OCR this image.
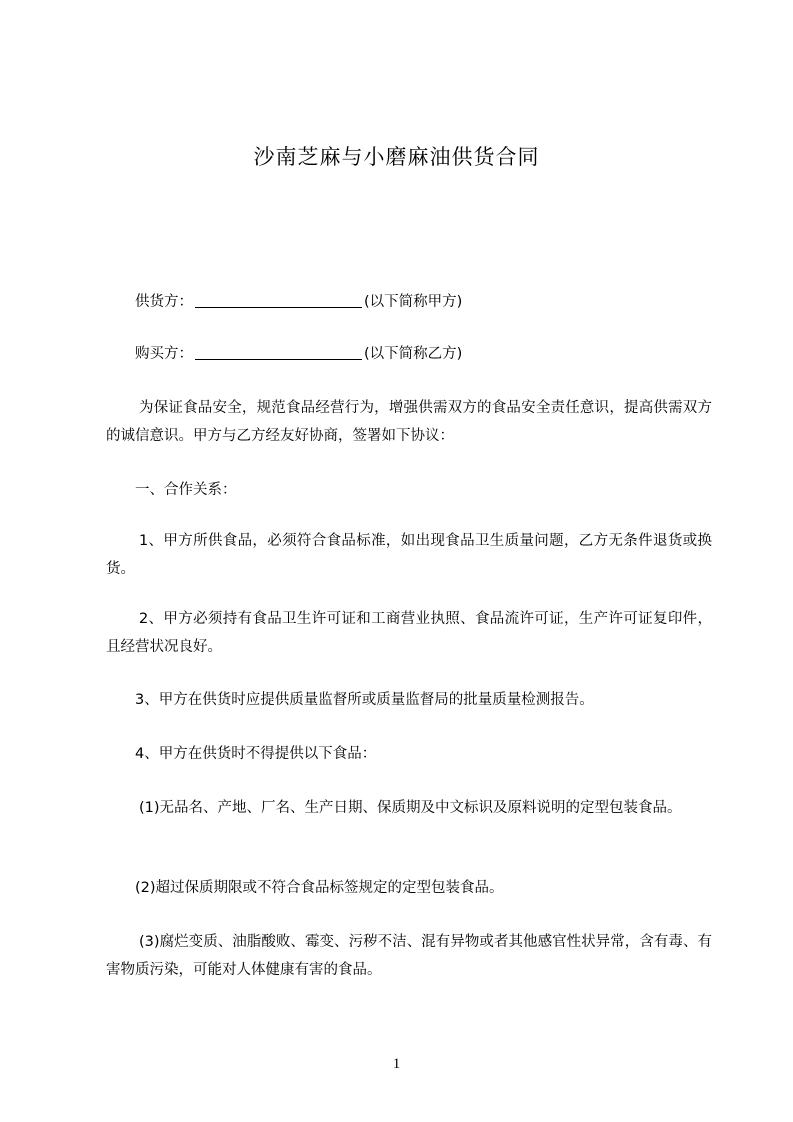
沙南芝麻与小磨麻油供货合同

供货方：	(以下简称甲方)

购买方：	(以下简称乙方)

为保证食品安全，规范食品经营行为，增强供需双方的食品安全责任意识，提高供需双方的诚信意识。甲方与乙方经友好协商，签署如下协议：

一、合作关系：

1、甲方所供食品，必须符合食品标准，如出现食品卫生质量问题，乙方无条件退货或换货。

2、甲方必须持有食品卫生许可证和工商营业执照、食品流许可证，生产许可证复印件，且经营状况良好。

3、甲方在供货时应提供质量监督所或质量监督局的批量质量检测报告。

4、甲方在供货时不得提供以下食品：

(1)无品名、产地、厂名、生产日期、保质期及中文标识及原料说明的定型包装食品。

(2)超过保质期限或不符合食品标签规定的定型包装食品。

(3)腐烂变质、油脂酸败、霉变、污秽不洁、混有异物或者其他感官性状异常，含有毒、有害物质污染，可能对人体健康有害的食品。

1
